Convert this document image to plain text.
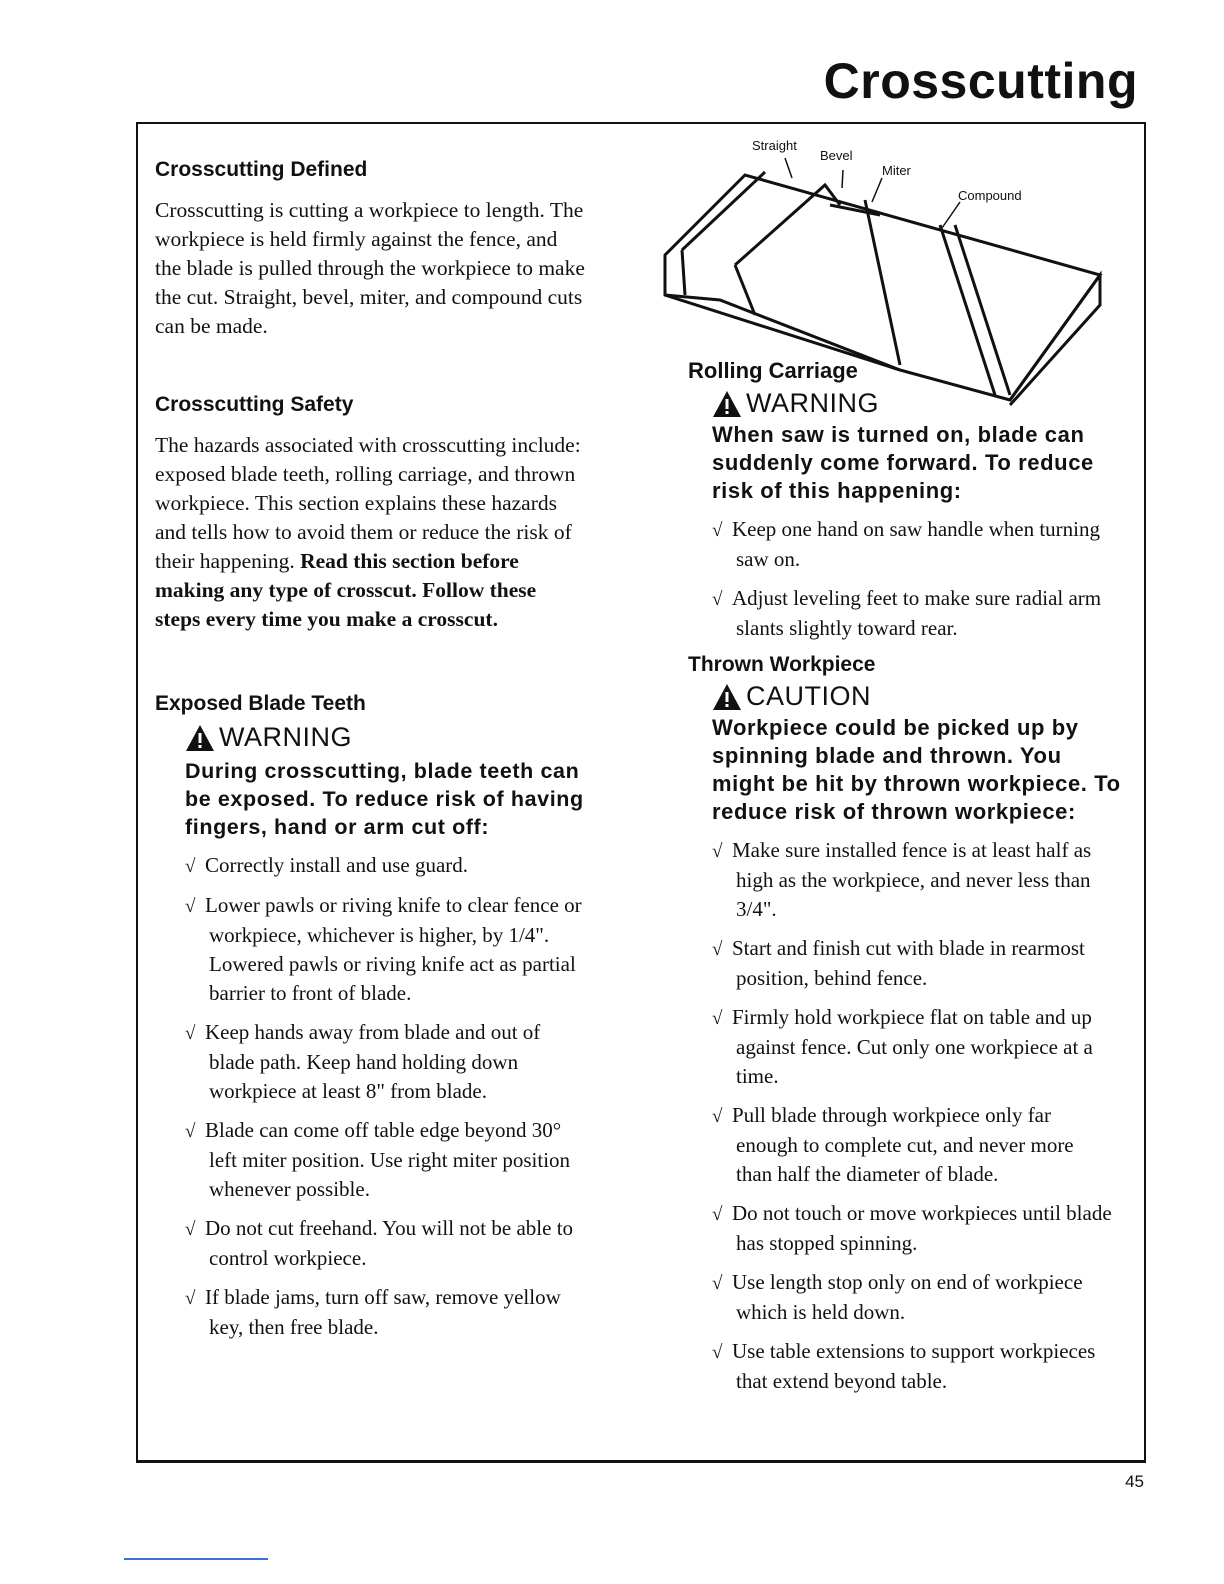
Crosscutting
Straight
Bevel
Miter
Compound
Crosscutting Defined

Crosscutting is cutting a workpiece to length. The workpiece is held firmly against the fence, and the blade is pulled through the workpiece to make the cut. Straight, bevel, miter, and compound cuts can be made.

Crosscutting Safety

The hazards associated with crosscutting include: exposed blade teeth, rolling carriage, and thrown workpiece. This section explains these hazards and tells how to avoid them or reduce the risk of their happening. Read this section before making any type of crosscut. Follow these steps every time you make a crosscut.

Exposed Blade Teeth
WARNING
During crosscutting, blade teeth can be exposed. To reduce risk of having fingers, hand or arm cut off:
√ Correctly install and use guard.
√ Lower pawls or riving knife to clear fence or workpiece, whichever is higher, by 1/4". Lowered pawls or riving knife act as partial barrier to front of blade.
√ Keep hands away from blade and out of blade path. Keep hand holding down workpiece at least 8" from blade.
√ Blade can come off table edge beyond 30° left miter position. Use right miter position whenever possible.
√ Do not cut freehand. You will not be able to control workpiece.
√ If blade jams, turn off saw, remove yellow key, then free blade.
Rolling Carriage
WARNING
When saw is turned on, blade can suddenly come forward. To reduce risk of this happening:
√ Keep one hand on saw handle when turning saw on.
√ Adjust leveling feet to make sure radial arm slants slightly toward rear.
Thrown Workpiece
CAUTION
Workpiece could be picked up by spinning blade and thrown. You might be hit by thrown workpiece. To reduce risk of thrown workpiece:
√ Make sure installed fence is at least half as high as the workpiece, and never less than 3/4".
√ Start and finish cut with blade in rearmost position, behind fence.
√ Firmly hold workpiece flat on table and up against fence. Cut only one workpiece at a time.
√ Pull blade through workpiece only far enough to complete cut, and never more than half the diameter of blade.
√ Do not touch or move workpieces until blade has stopped spinning.
√ Use length stop only on end of workpiece which is held down.
√ Use table extensions to support workpieces that extend beyond table.
45
